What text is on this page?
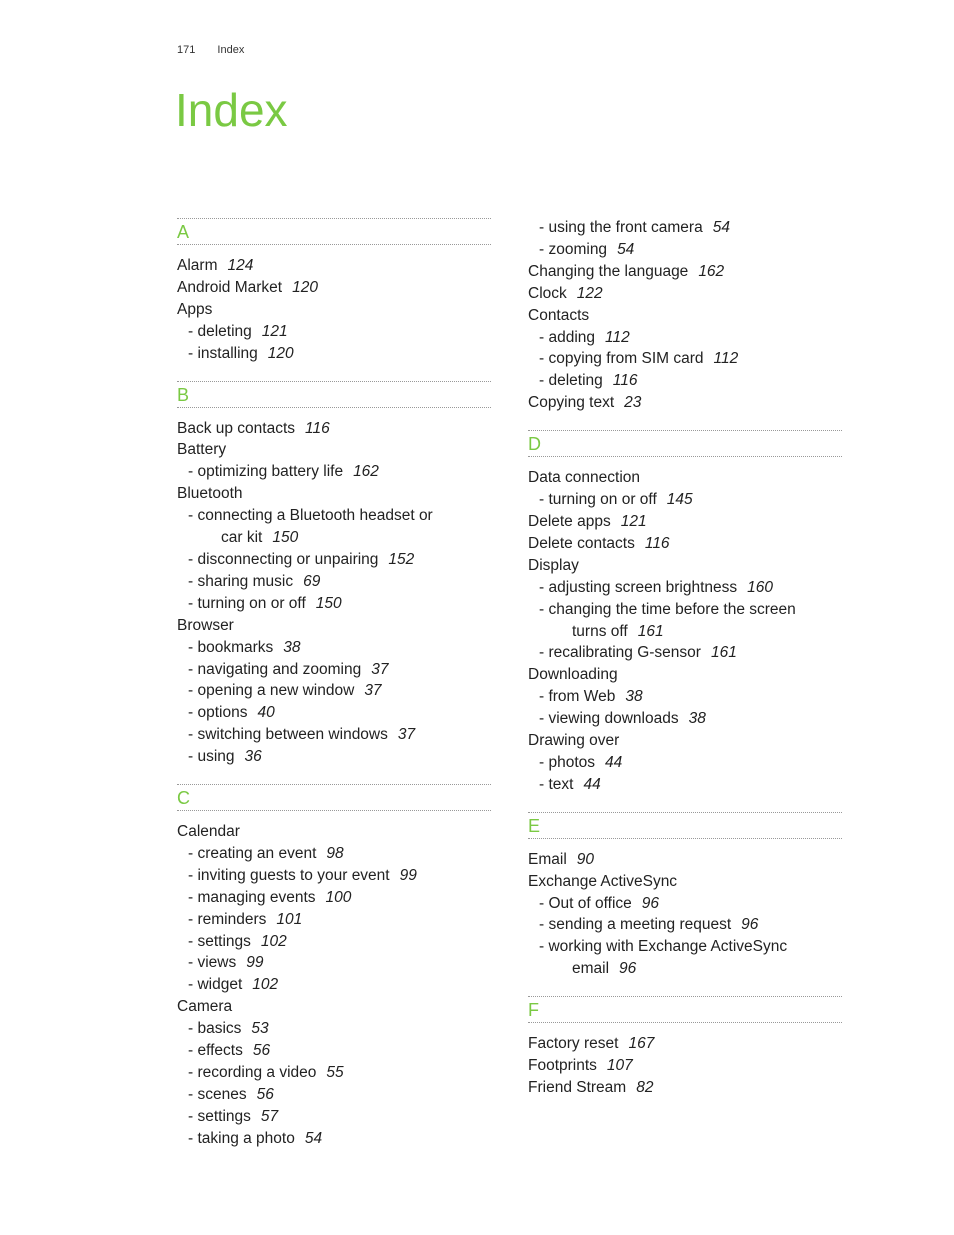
171 Index
Index
A
Alarm 124
Android Market 120
Apps
- deleting 121
- installing 120
B
Back up contacts 116
Battery
- optimizing battery life 162
Bluetooth
- connecting a Bluetooth headset or
car kit 150
- disconnecting or unpairing 152
- sharing music 69
- turning on or off 150
Browser
- bookmarks 38
- navigating and zooming 37
- opening a new window 37
- options 40
- switching between windows 37
- using 36
C
Calendar
- creating an event 98
- inviting guests to your event 99
- managing events 100
- reminders 101
- settings 102
- views 99
- widget 102
Camera
- basics 53
- effects 56
- recording a video 55
- scenes 56
- settings 57
- taking a photo 54
- using the front camera 54
- zooming 54
Changing the language 162
Clock 122
Contacts
- adding 112
- copying from SIM card 112
- deleting 116
Copying text 23
D
Data connection
- turning on or off 145
Delete apps 121
Delete contacts 116
Display
- adjusting screen brightness 160
- changing the time before the screen
turns off 161
- recalibrating G-sensor 161
Downloading
- from Web 38
- viewing downloads 38
Drawing over
- photos 44
- text 44
E
Email 90
Exchange ActiveSync
- Out of office 96
- sending a meeting request 96
- working with Exchange ActiveSync
email 96
F
Factory reset 167
Footprints 107
Friend Stream 82
